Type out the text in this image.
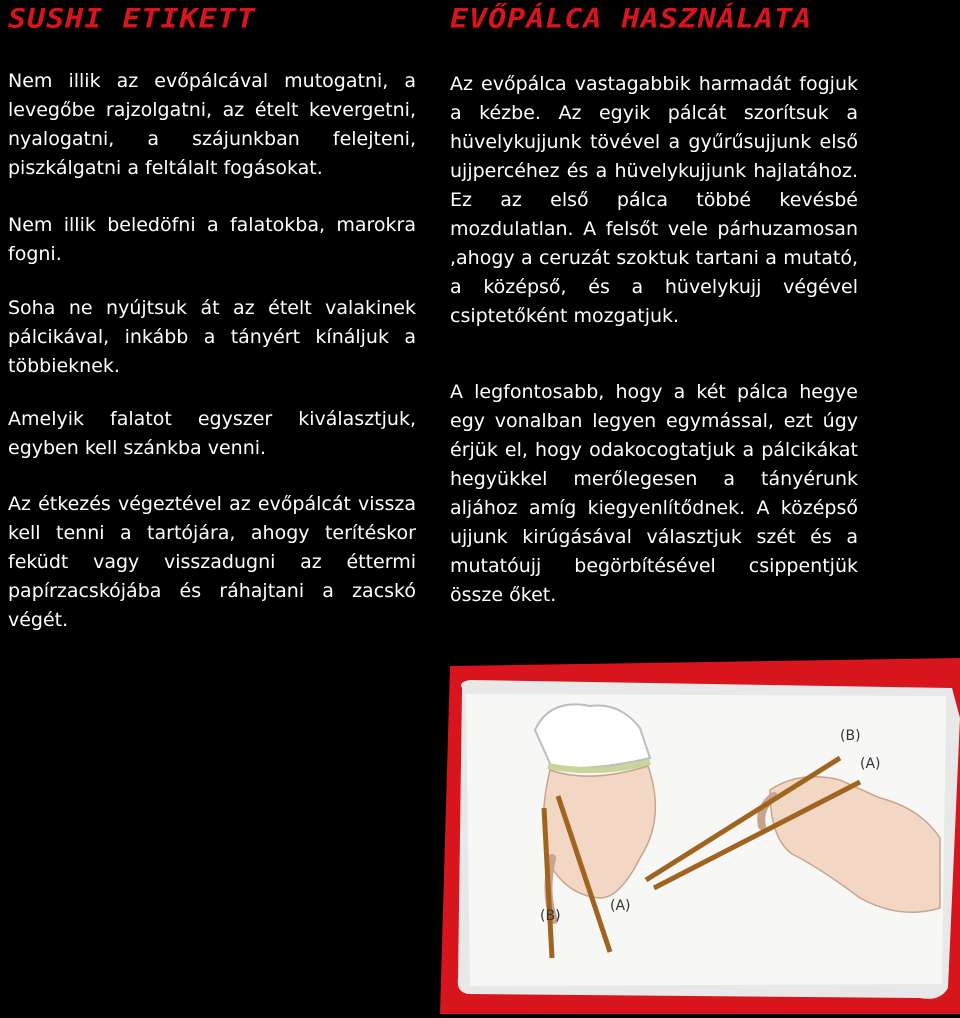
SUSHI ETIKETT

Nem illik az evőpálcával mutogatni, a levegőbe rajzolgatni, az ételt kevergetni, nyalogatni, a szájunkban felejteni, piszkálgatni a feltálalt fogásokat.

Nem illik beledöfni a falatokba, marokra fogni.

Soha ne nyújtsuk át az ételt valakinek pálcikával, inkább a tányért kínáljuk a többieknek.

Amelyik falatot egyszer kiválasztjuk, egyben kell szánkba venni.

Az étkezés végeztével az evőpálcát vissza kell tenni a tartójára, ahogy terítéskor feküdt vagy visszadugni az éttermi papírzacskójába és ráhajtani a zacskó végét.

EVŐPÁLCA HASZNÁLATA

Az evőpálca vastagabbik harmadát fogjuk a kézbe. Az egyik pálcát szorítsuk a hüvelykujjunk tövével a gyűrűsujjunk első ujjpercéhez és a hüvelykujjunk hajlatához. Ez az első pálca többé kevésbé mozdulatlan. A felsőt vele párhuzamosan ,ahogy a ceruzát szoktuk tartani a mutató, a középső, és a hüvelykujj végével csiptetőként mozgatjuk.

A legfontosabb, hogy a két pálca hegye egy vonalban legyen egymással, ezt úgy érjük el, hogy odakocogtatjuk a pálcikákat hegyükkel merőlegesen a tányérunk aljához amíg kiegyenlítődnek. A középső ujjunk kirúgásával választjuk szét és a mutatóujj begörbítésével csippentjük össze őket.

(B)
(A)
(B)
(A)
